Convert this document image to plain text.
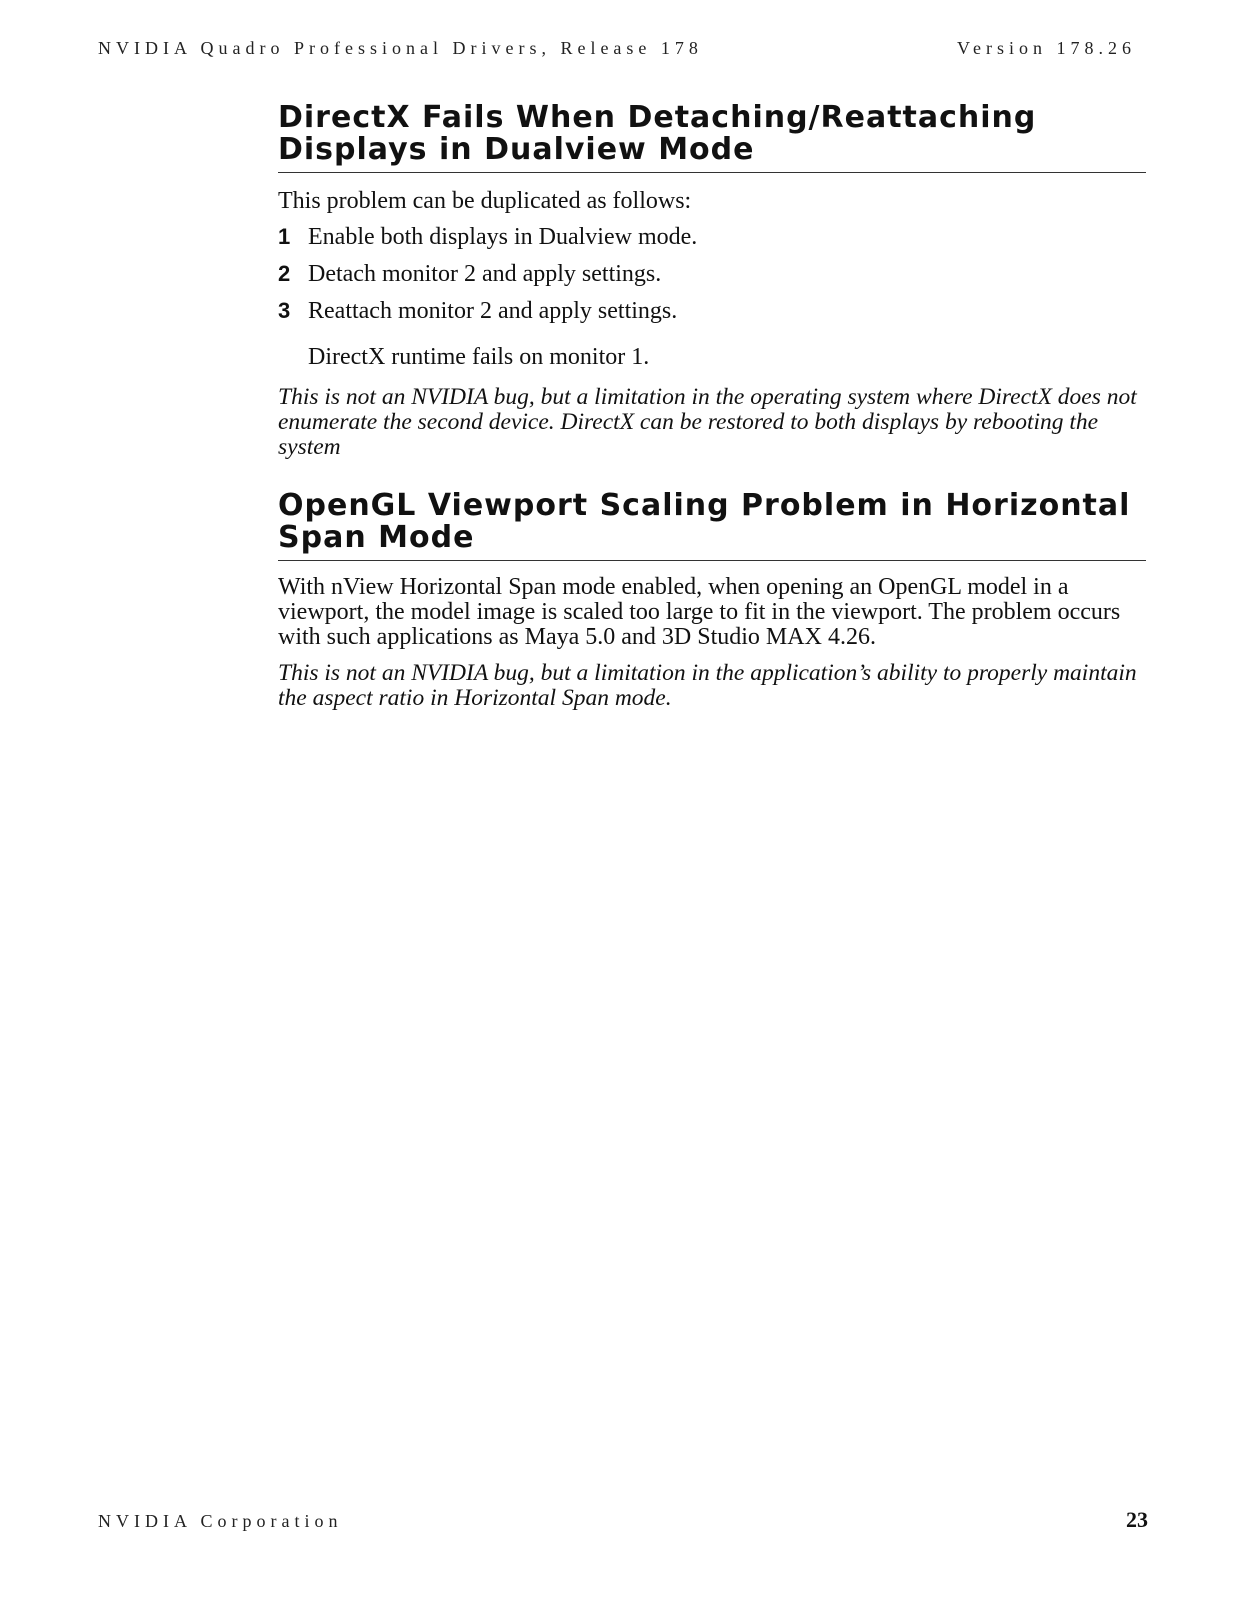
NVIDIA Quadro Professional Drivers, Release 178	Version 178.26
DirectX Fails When Detaching/Reattaching Displays in Dualview Mode

This problem can be duplicated as follows:

1 Enable both displays in Dualview mode.
2 Detach monitor 2 and apply settings.
3 Reattach monitor 2 and apply settings.

DirectX runtime fails on monitor 1.

This is not an NVIDIA bug, but a limitation in the operating system where DirectX does not enumerate the second device. DirectX can be restored to both displays by rebooting the system

OpenGL Viewport Scaling Problem in Horizontal Span Mode

With nView Horizontal Span mode enabled, when opening an OpenGL model in a viewport, the model image is scaled too large to fit in the viewport. The problem occurs with such applications as Maya 5.0 and 3D Studio MAX 4.26.

This is not an NVIDIA bug, but a limitation in the application’s ability to properly maintain the aspect ratio in Horizontal Span mode.

NVIDIA Corporation	23
